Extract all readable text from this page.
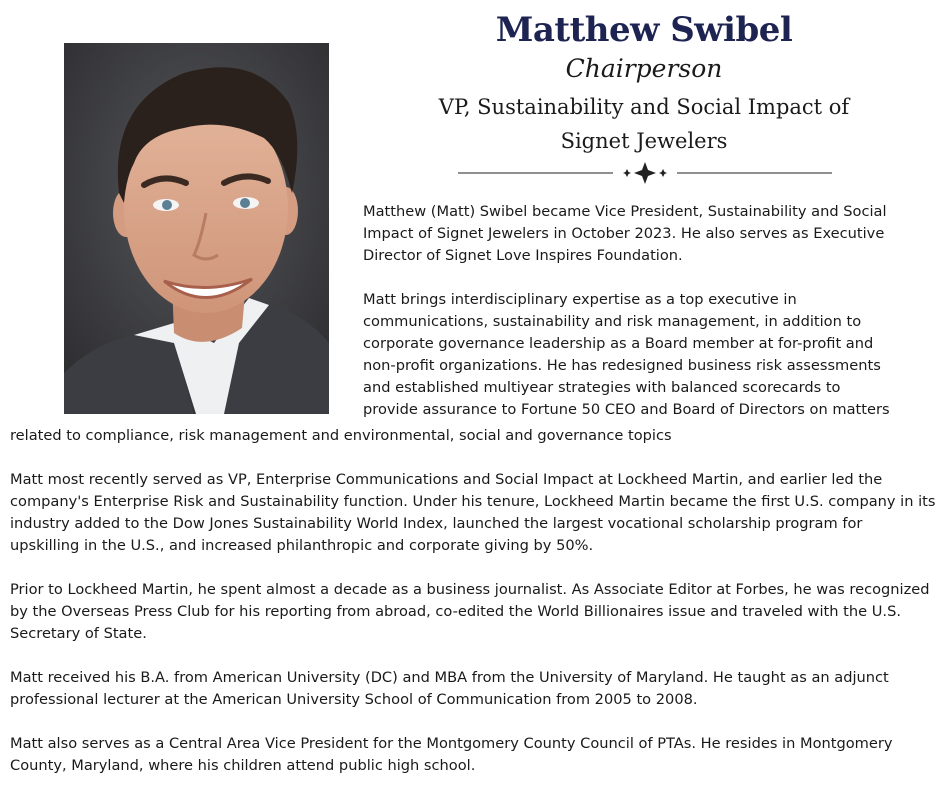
Matthew Swibel
Chairperson
VP, Sustainability and Social Impact of
Signet Jewelers
Matthew (Matt) Swibel became Vice President, Sustainability and Social
Impact of Signet Jewelers in October 2023. He also serves as Executive
Director of Signet Love Inspires Foundation.
Matt brings interdisciplinary expertise as a top executive in
communications, sustainability and risk management, in addition to
corporate governance leadership as a Board member at for-profit and
non-profit organizations. He has redesigned business risk assessments
and established multiyear strategies with balanced scorecards to
provide assurance to Fortune 50 CEO and Board of Directors on matters
related to compliance, risk management and environmental, social and governance topics

Matt most recently served as VP, Enterprise Communications and Social Impact at Lockheed Martin, and earlier led the company's Enterprise Risk and Sustainability function. Under his tenure, Lockheed Martin became the first U.S. company in its industry added to the Dow Jones Sustainability World Index, launched the largest vocational scholarship program for upskilling in the U.S., and increased philanthropic and corporate giving by 50%.

Prior to Lockheed Martin, he spent almost a decade as a business journalist. As Associate Editor at Forbes, he was recognized by the Overseas Press Club for his reporting from abroad, co-edited the World Billionaires issue and traveled with the U.S. Secretary of State.

Matt received his B.A. from American University (DC) and MBA from the University of Maryland. He taught as an adjunct professional lecturer at the American University School of Communication from 2005 to 2008.

Matt also serves as a Central Area Vice President for the Montgomery County Council of PTAs. He resides in Montgomery County, Maryland, where his children attend public high school.
